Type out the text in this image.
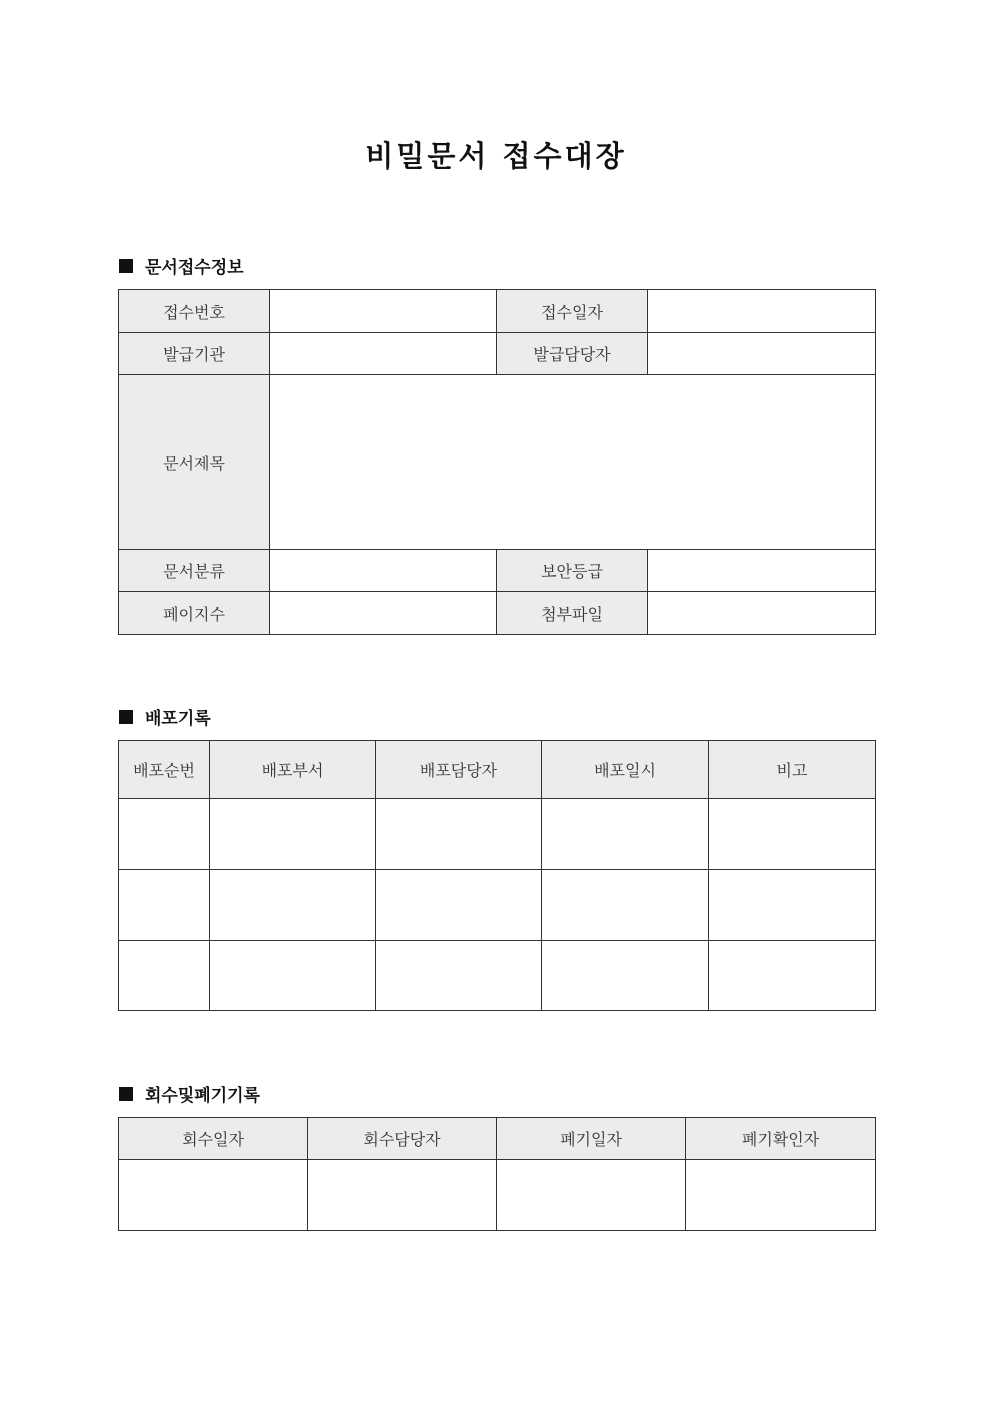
비밀문서 접수대장
문서접수정보
접수번호		접수일자	
발급기관		발급담당자	
문서제목			
문서분류		보안등급	
페이지수		첨부파일	
배포기록
배포순번	배포부서	배포담당자	배포일시	비고

회수및폐기기록
회수일자	회수담당자	폐기일자	폐기확인자
